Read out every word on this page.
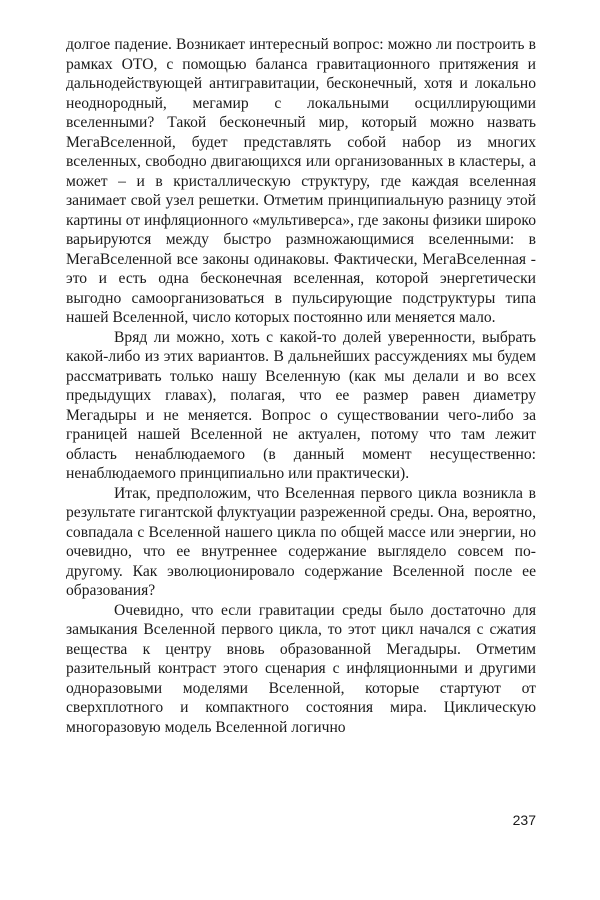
долгое падение. Возникает интересный вопрос: можно ли построить в рамках ОТО, с помощью баланса гравитационного притяжения и дальнодействующей антигравитации, бесконечный, хотя и локально неоднородный, мегамир с локальными осциллирующими вселенными? Такой бесконечный мир, который можно назвать МегаВселенной, будет представлять собой набор из многих вселенных, свободно двигающихся или организованных в кластеры, а может – и в кристаллическую структуру, где каждая вселенная занимает свой узел решетки. Отметим принципиальную разницу этой картины от инфляционного «мультиверса», где законы физики широко варьируются между быстро размножающимися вселенными: в МегаВселенной все законы одинаковы. Фактически, МегаВселенная - это и есть одна бесконечная вселенная, которой энергетически выгодно самоорганизоваться в пульсирующие подструктуры типа нашей Вселенной, число которых постоянно или меняется мало.

Вряд ли можно, хоть с какой-то долей уверенности, выбрать какой-либо из этих вариантов. В дальнейших рассуждениях мы будем рассматривать только нашу Вселенную (как мы делали и во всех предыдущих главах), полагая, что ее размер равен диаметру Мегадыры и не меняется. Вопрос о существовании чего-либо за границей нашей Вселенной не актуален, потому что там лежит область ненаблюдаемого (в данный момент несущественно: ненаблюдаемого принципиально или практически).

Итак, предположим, что Вселенная первого цикла возникла в результате гигантской флуктуации разреженной среды. Она, вероятно, совпадала с Вселенной нашего цикла по общей массе или энергии, но очевидно, что ее внутреннее содержание выглядело совсем по-другому. Как эволюционировало содержание Вселенной после ее образования?

Очевидно, что если гравитации среды было достаточно для замыкания Вселенной первого цикла, то этот цикл начался с сжатия вещества к центру вновь образованной Мегадыры. Отметим разительный контраст этого сценария с инфляционными и другими одноразовыми моделями Вселенной, которые стартуют от сверхплотного и компактного состояния мира. Циклическую многоразовую модель Вселенной логично

237
